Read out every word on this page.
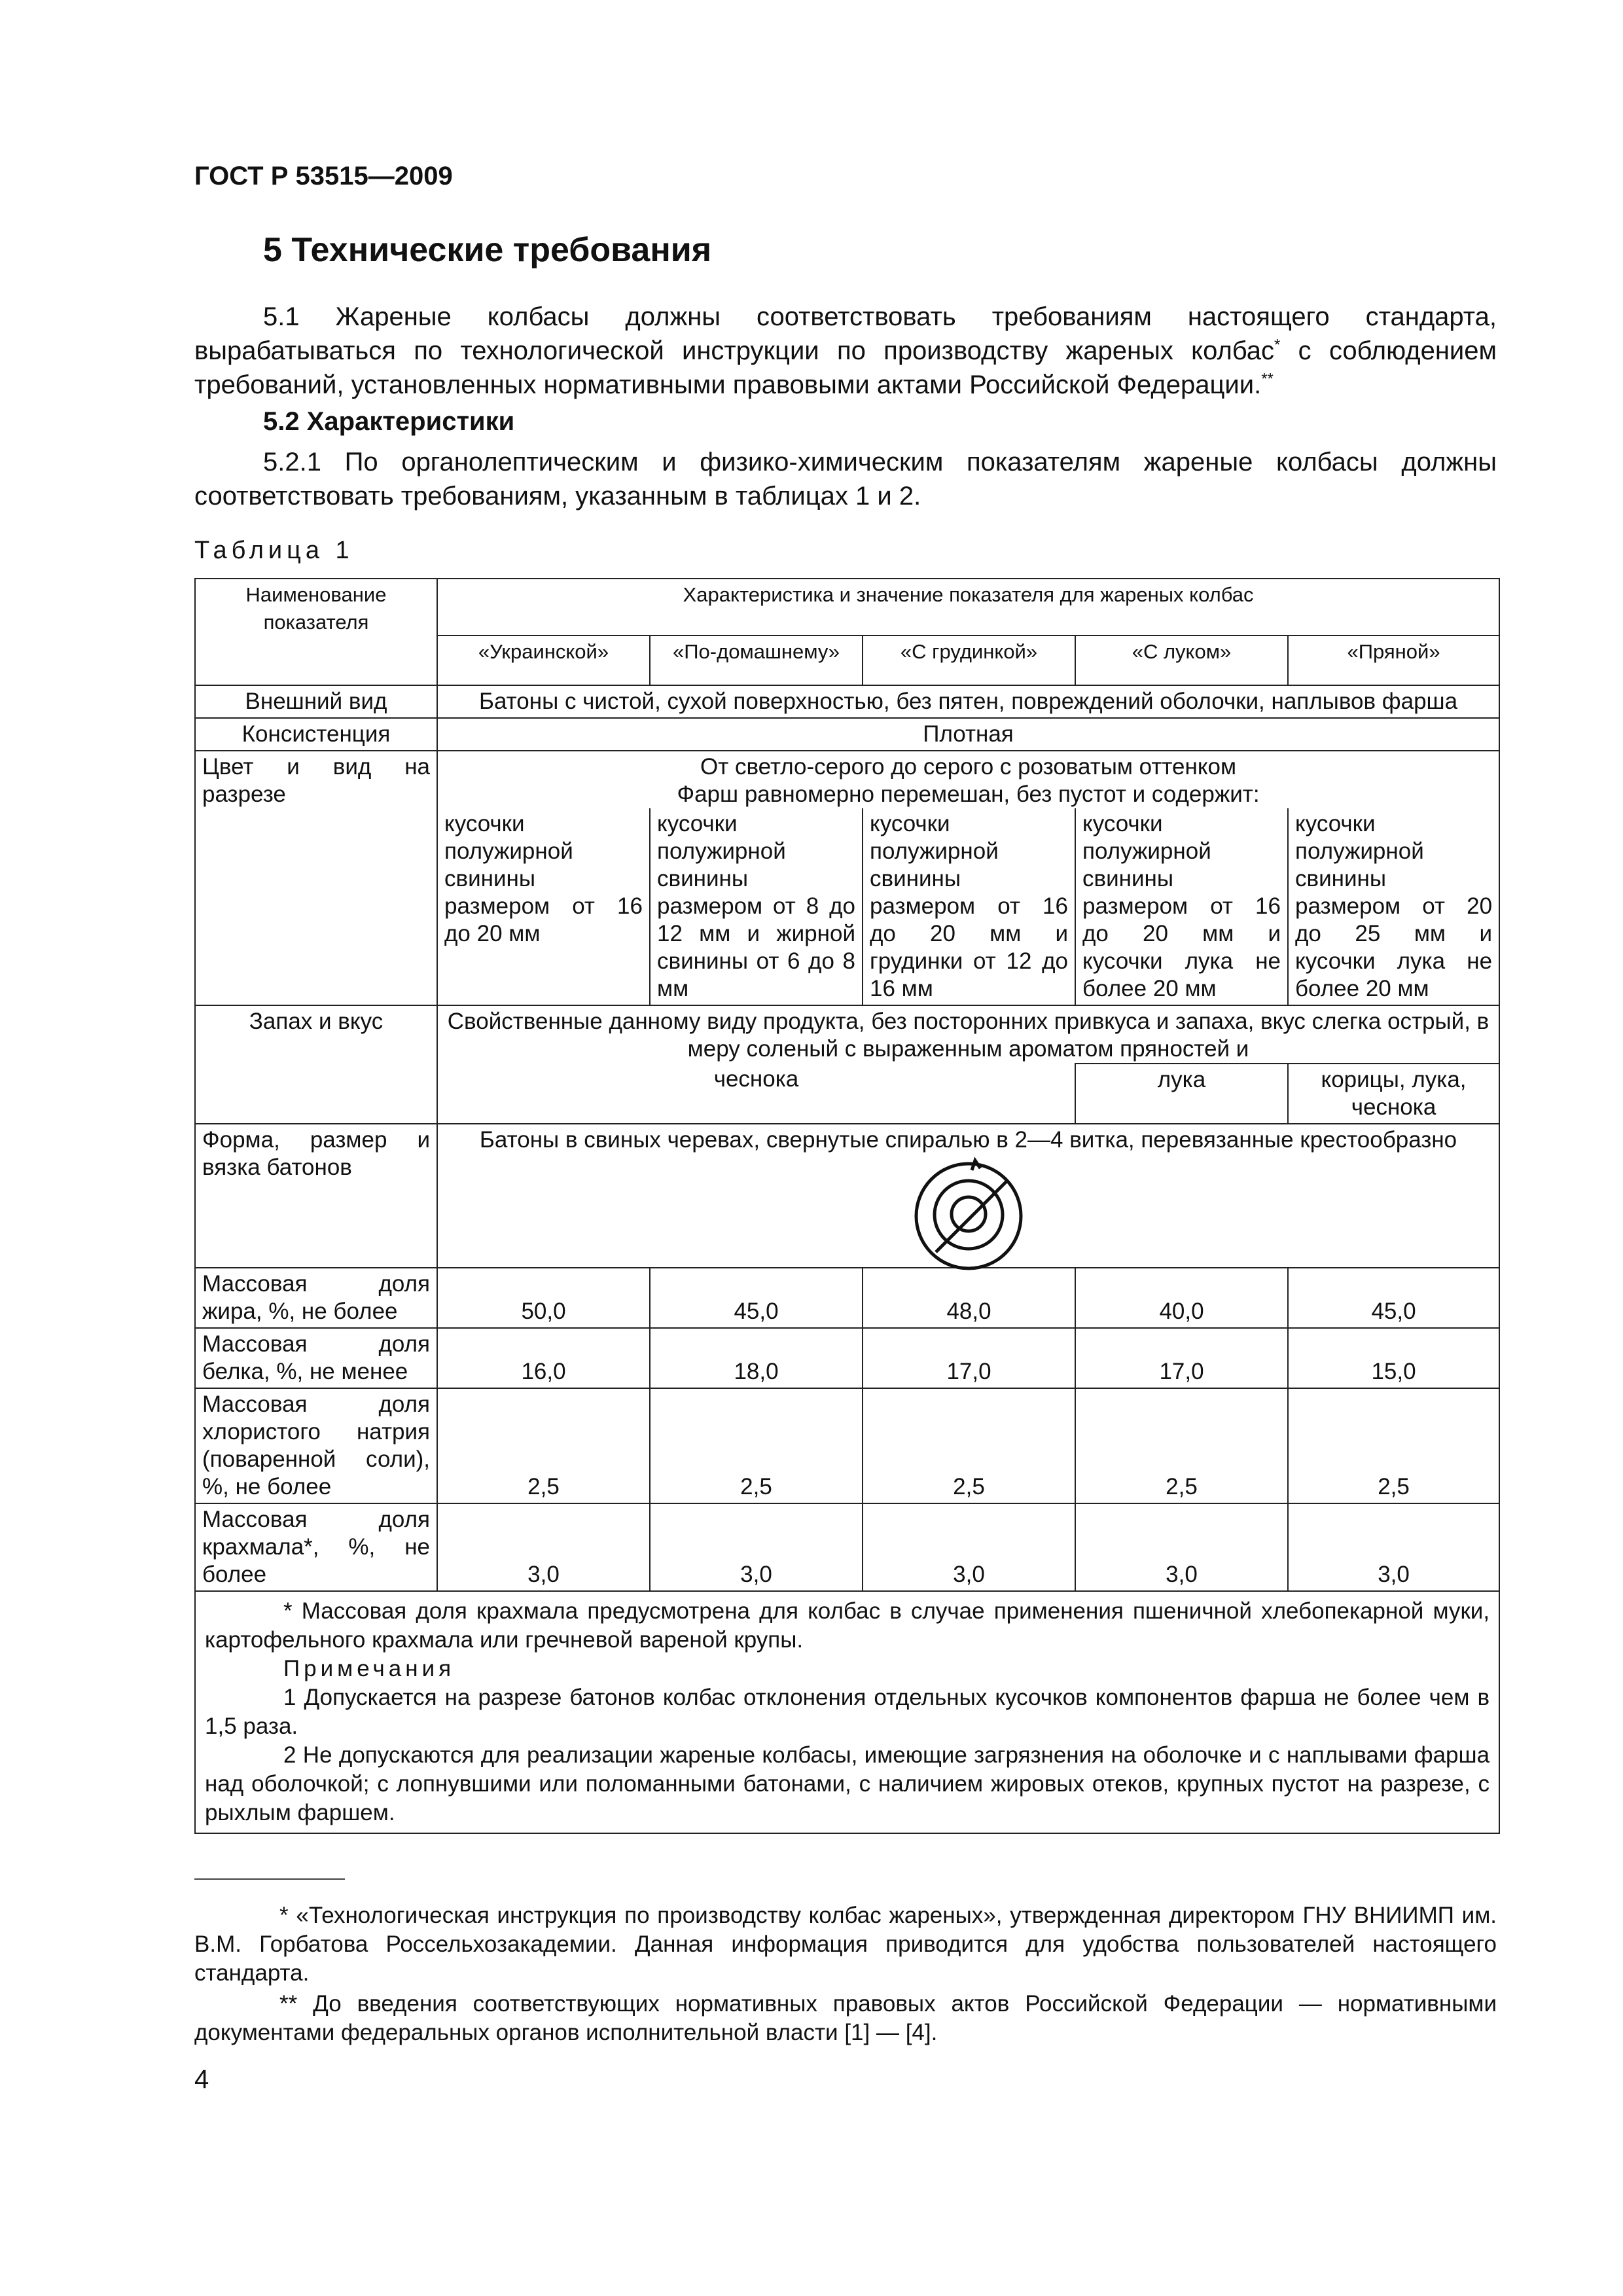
ГОСТ Р 53515—2009
5 Технические требования

5.1 Жареные колбасы должны соответствовать требованиям настоящего стандарта, вырабатываться по технологической инструкции по производству жареных колбас* с соблюдением требований, установленных нормативными правовыми актами Российской Федерации.**

5.2 Характеристики

5.2.1 По органолептическим и физико-химическим показателям жареные колбасы должны соответствовать требованиям, указанным в таблицах 1 и 2.

Таблица 1
Наименование показателя	Характеристика и значение показателя для жареных колбас				
	«Украинской»	«По-домашнему»	«С грудинкой»	«С луком»	«Пряной»
Внешний вид	Батоны с чистой, сухой поверхностью, без пятен, повреждений оболочки, наплывов фарша				
Консистенция	Плотная				
Цвет и вид на разрезе	От светло-серого до серого с розоватым оттенком
Фарш равномерно перемешан, без пустот и содержит:				

	кусочки полужирной свинины размером от 16 до 20 мм	кусочки полужирной свинины размером от 8 до 12 мм и жирной свинины от 6 до 8 мм	кусочки полужирной свинины размером от 16 до 20 мм и грудинки от 12 до 16 мм	кусочки полужирной свинины размером от 16 до 20 мм и кусочки лука не более 20 мм	кусочки полужирной свинины размером от 20 до 25 мм и кусочки лука не более 20 мм
Запах и вкус	Свойственные данному виду продукта, без посторонних привкуса и запаха, вкус слегка острый, в меру соленый с выраженным ароматом пряностей и				
	чеснока			лука	корицы, лука, чеснока
Форма, размер и вязка батонов	Батоны в свиных черевах, свернутые спиралью в 2—4 витка, перевязанные крестообразно				

Массовая доля жира, %, не более	50,0	45,0	48,0	40,0	45,0
Массовая доля белка, %, не менее	16,0	18,0	17,0	17,0	15,0
Массовая доля хлористого натрия (поваренной соли), %, не более	2,5	2,5	2,5	2,5	2,5
Массовая доля крахмала*, %, не более	3,0	3,0	3,0	3,0	3,0

* Массовая доля крахмала предусмотрена для колбас в случае применения пшеничной хлебопекарной муки, картофельного крахмала или гречневой вареной крупы.

Примечания

1 Допускается на разрезе батонов колбас отклонения отдельных кусочков компонентов фарша не более чем в 1,5 раза.

2 Не допускаются для реализации жареные колбасы, имеющие загрязнения на оболочке и с наплывами фарша над оболочкой; с лопнувшими или поломанными батонами, с наличием жировых отеков, крупных пустот на разрезе, с рыхлым фаршем.					

* «Технологическая инструкция по производству колбас жареных», утвержденная директором ГНУ ВНИИМП им. В.М. Горбатова Россельхозакадемии. Данная информация приводится для удобства пользователей настоящего стандарта.

** До введения соответствующих нормативных правовых актов Российской Федерации — нормативными документами федеральных органов исполнительной власти [1] — [4].

4
